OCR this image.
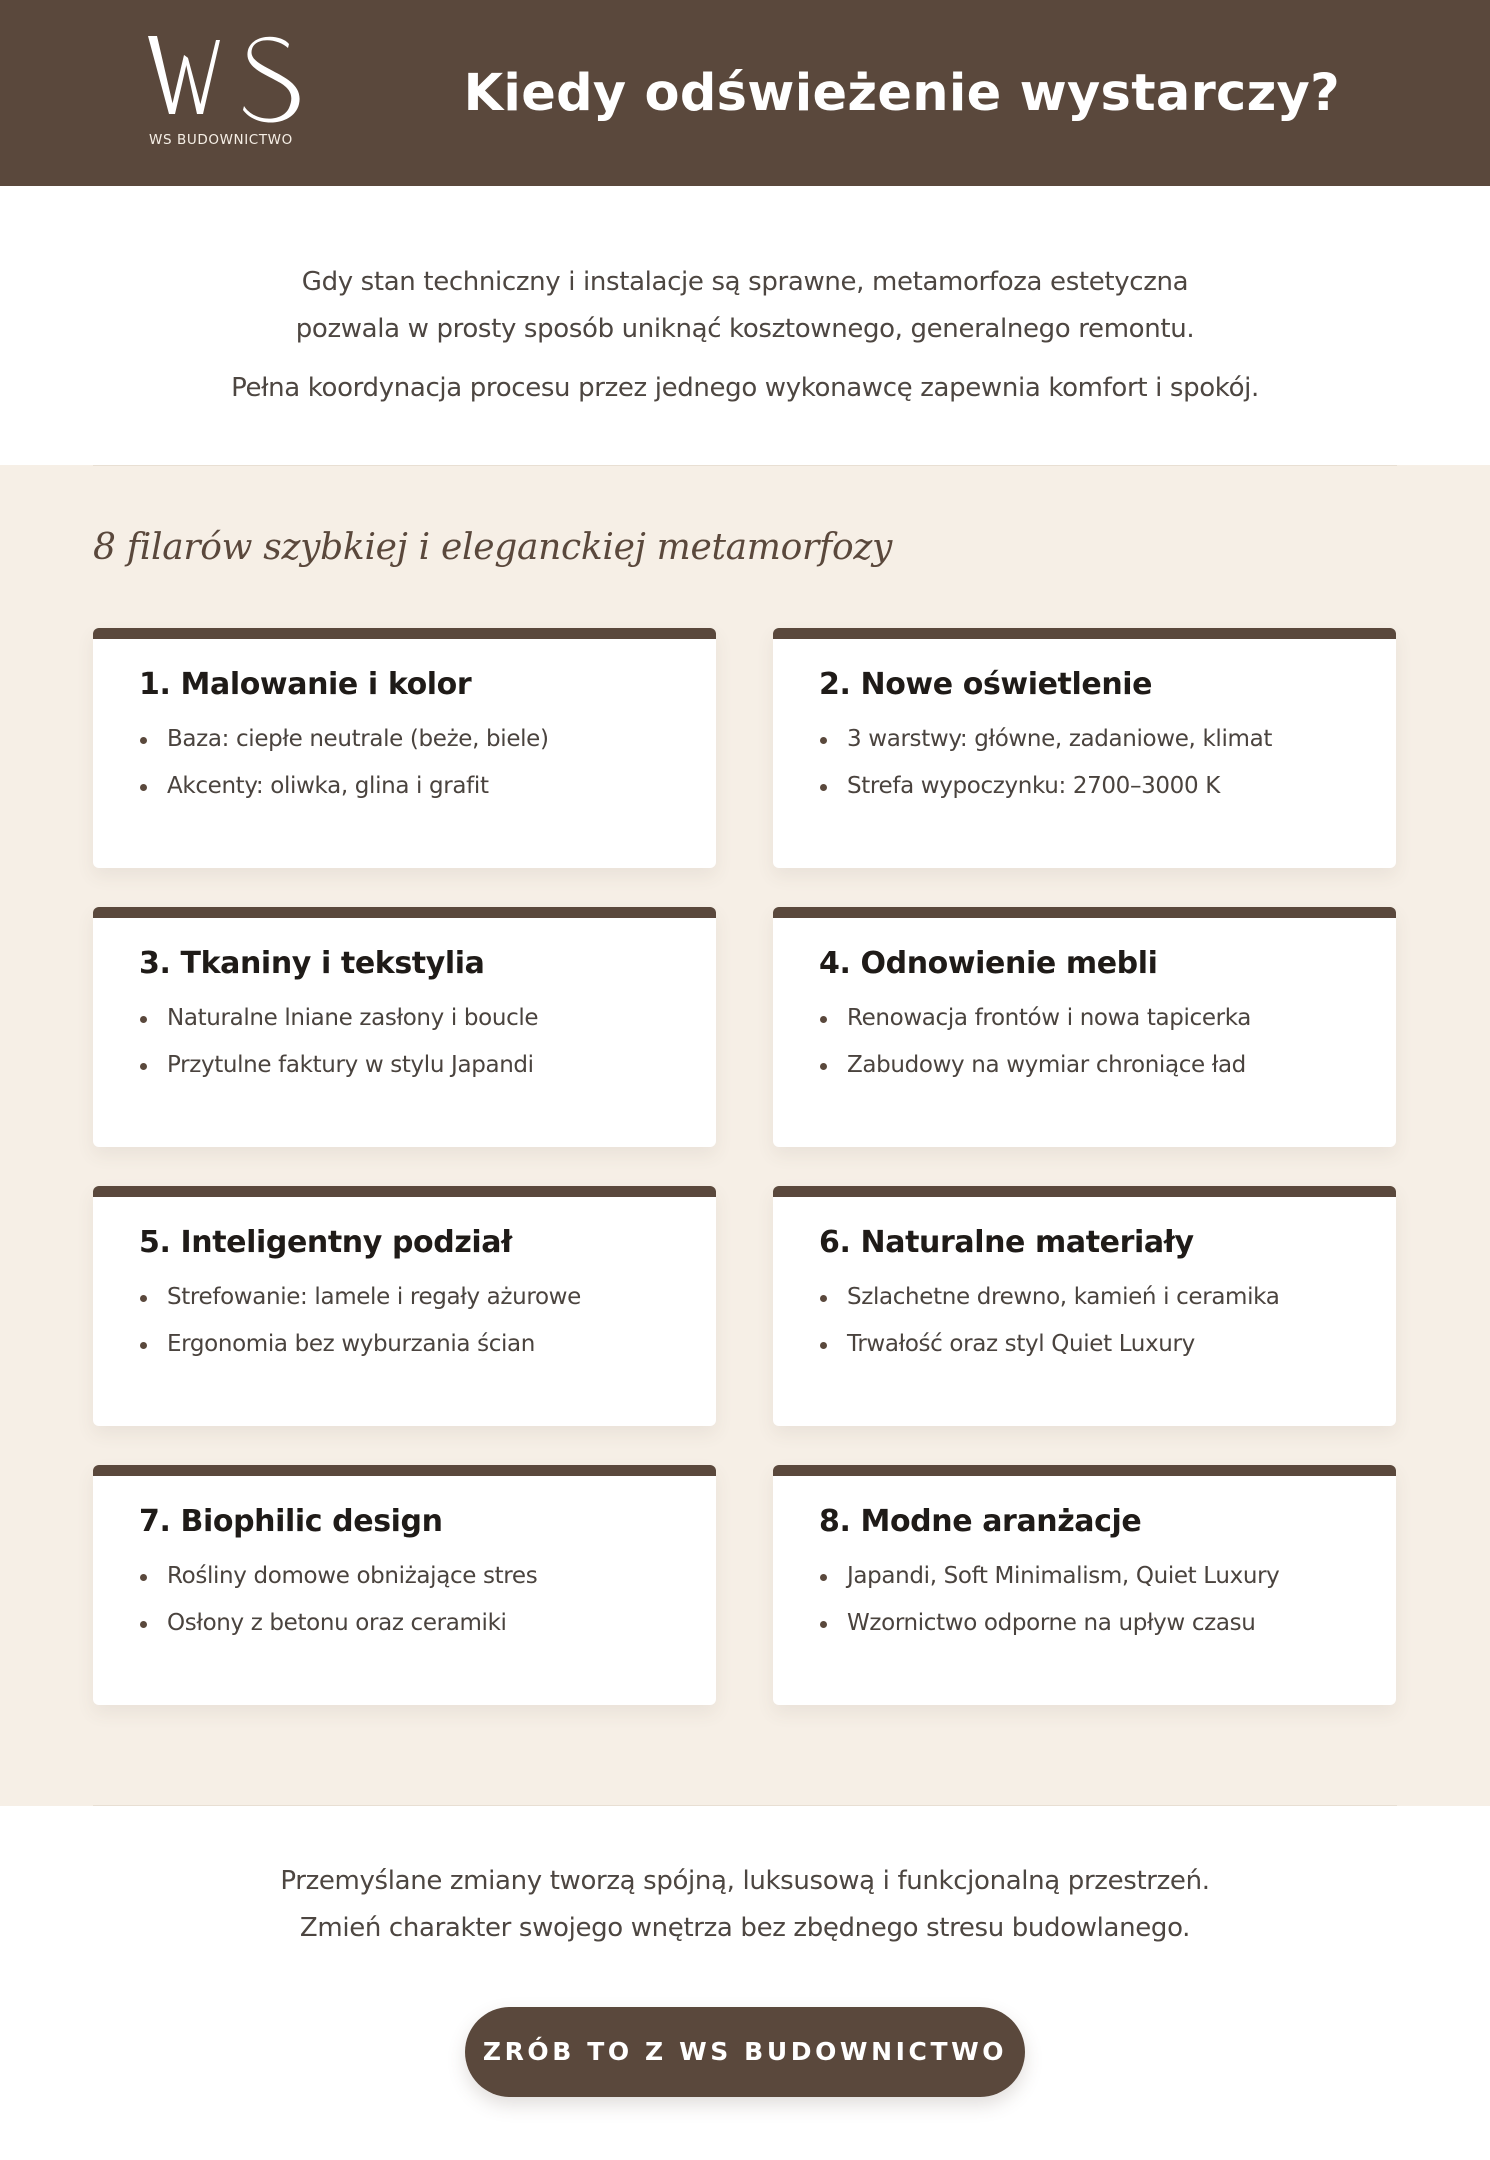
WS BUDOWNICTWO
Kiedy odświeżenie wystarczy?

Gdy stan techniczny i instalacje są sprawne, metamorfoza estetyczna
pozwala w prosty sposób uniknąć kosztownego, generalnego remontu.

Pełna koordynacja procesu przez jednego wykonawcę zapewnia komfort i spokój.

8 filarów szybkiej i eleganckiej metamorfozy
1. Malowanie i kolor
Baza: ciepłe neutrale (beże, biele)
Akcenty: oliwka, glina i grafit
2. Nowe oświetlenie
3 warstwy: główne, zadaniowe, klimat
Strefa wypoczynku: 2700–3000 K
3. Tkaniny i tekstylia
Naturalne lniane zasłony i boucle
Przytulne faktury w stylu Japandi
4. Odnowienie mebli
Renowacja frontów i nowa tapicerka
Zabudowy na wymiar chroniące ład
5. Inteligentny podział
Strefowanie: lamele i regały ażurowe
Ergonomia bez wyburzania ścian
6. Naturalne materiały
Szlachetne drewno, kamień i ceramika
Trwałość oraz styl Quiet Luxury
7. Biophilic design
Rośliny domowe obniżające stres
Osłony z betonu oraz ceramiki
8. Modne aranżacje
Japandi, Soft Minimalism, Quiet Luxury
Wzornictwo odporne na upływ czasu

Przemyślane zmiany tworzą spójną, luksusową i funkcjonalną przestrzeń.
Zmień charakter swojego wnętrza bez zbędnego stresu budowlanego.

ZRÓB TO Z WS BUDOWNICTWO
